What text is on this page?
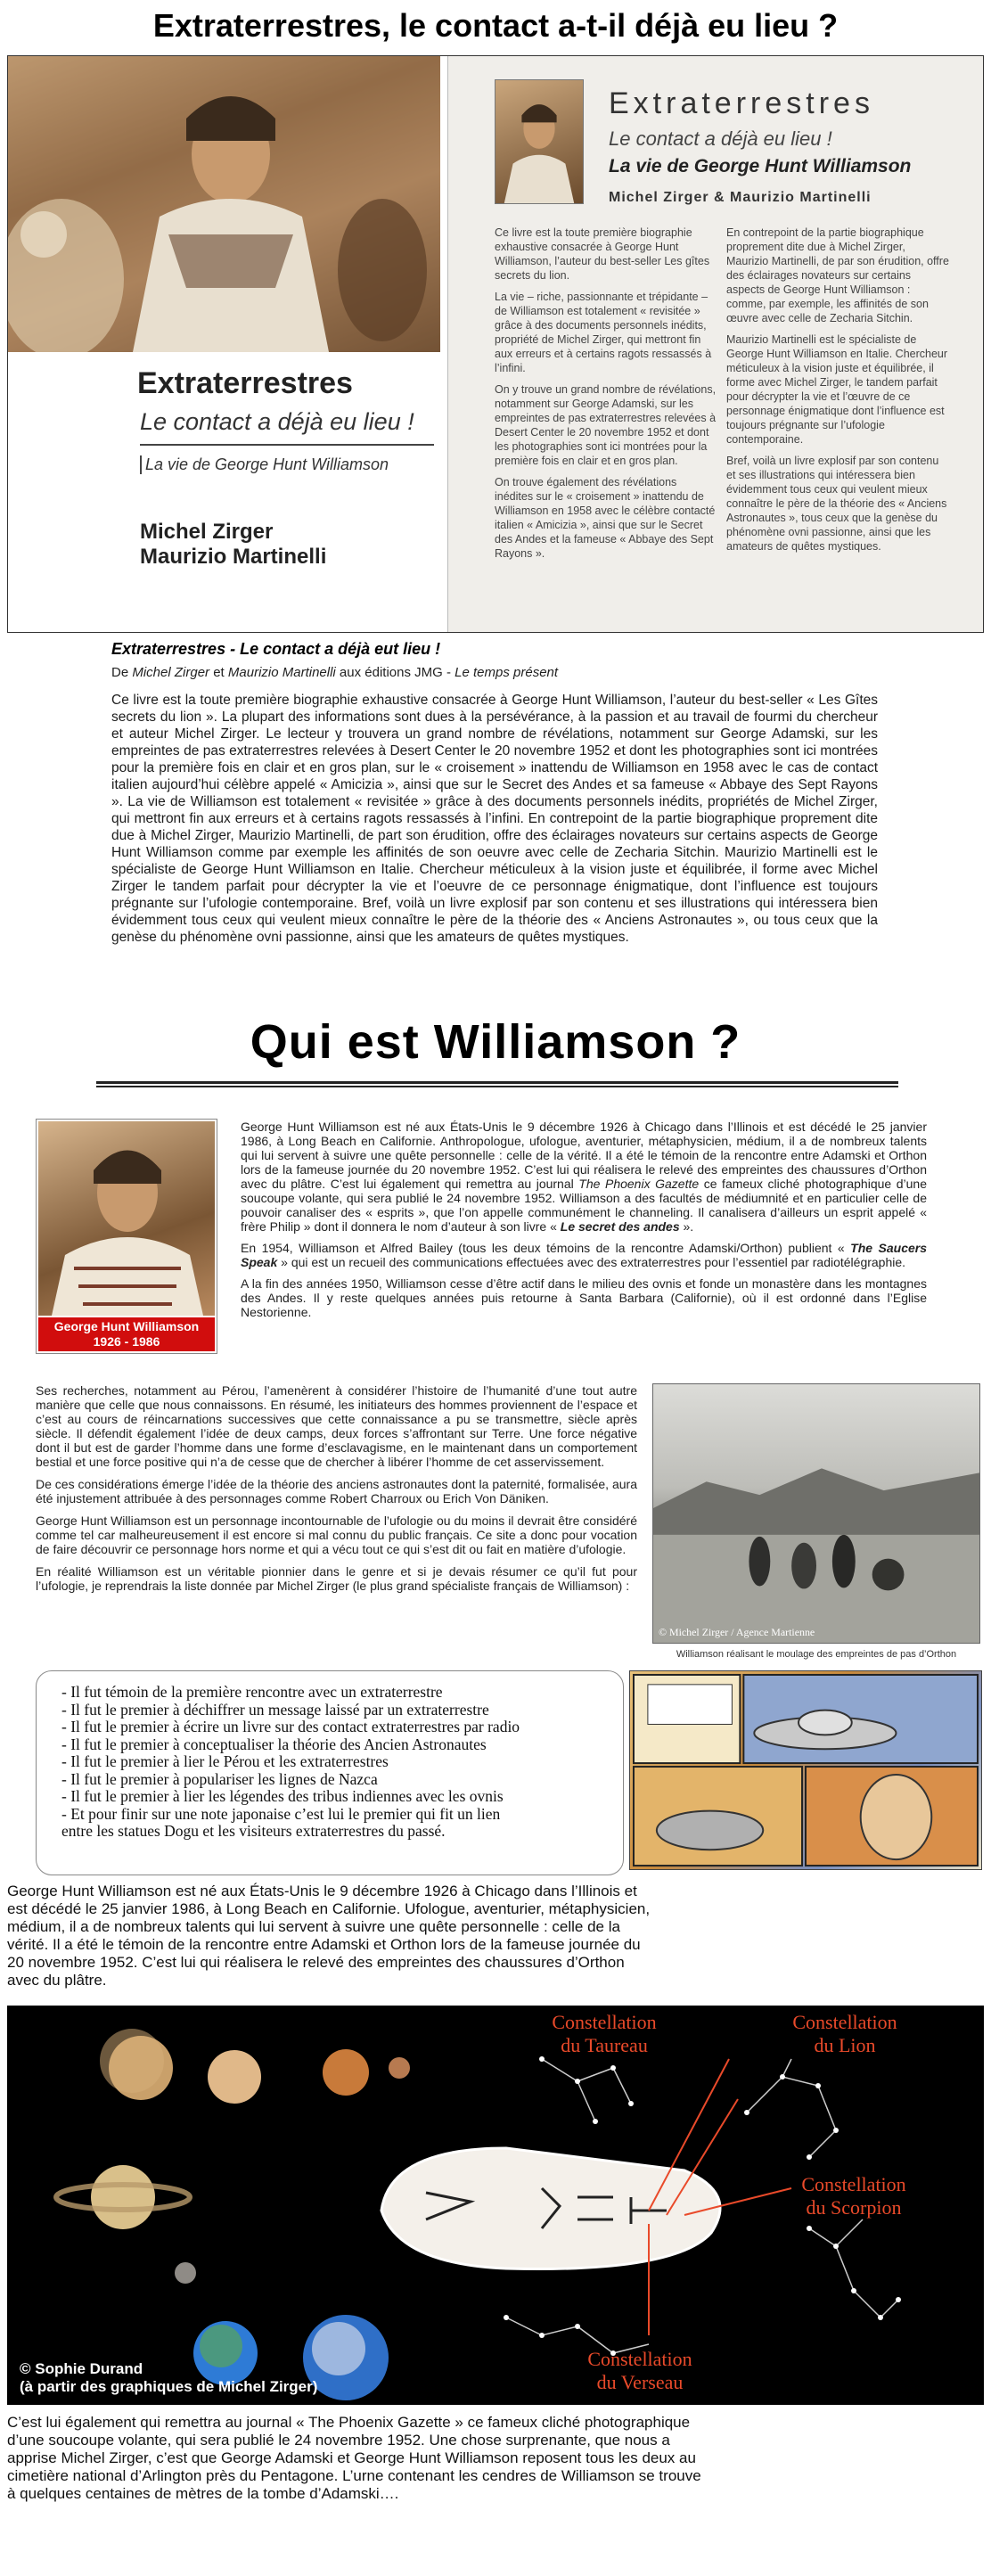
Extraterrestres, le contact a-t-il déjà eu lieu ?
Extraterrestres
Le contact a déjà eu lieu !
La vie de George Hunt Williamson
Michel Zirger
Maurizio Martinelli
Extraterrestres
Le contact a déjà eu lieu !
La vie de George Hunt Williamson
Michel Zirger & Maurizio Martinelli

Ce livre est la toute première biographie exhaustive consacrée à George Hunt Williamson, l’auteur du best-seller Les gîtes secrets du lion.

La vie – riche, passionnante et trépidante – de Williamson est totalement « revisitée » grâce à des documents personnels inédits, propriété de Michel Zirger, qui mettront fin aux erreurs et à certains ragots ressassés à l’infini.

On y trouve un grand nombre de révélations, notamment sur George Adamski, sur les empreintes de pas extraterrestres relevées à Desert Center le 20 novembre 1952 et dont les photographies sont ici montrées pour la première fois en clair et en gros plan.

On trouve également des révélations inédites sur le « croisement » inattendu de Williamson en 1958 avec le célèbre contacté italien « Amicizia », ainsi que sur le Secret des Andes et la fameuse « Abbaye des Sept Rayons ».

En contrepoint de la partie biographique proprement dite due à Michel Zirger, Maurizio Martinelli, de par son érudition, offre des éclairages novateurs sur certains aspects de George Hunt Williamson : comme, par exemple, les affinités de son œuvre avec celle de Zecharia Sitchin.

Maurizio Martinelli est le spécialiste de George Hunt Williamson en Italie. Chercheur méticuleux à la vision juste et équilibrée, il forme avec Michel Zirger, le tandem parfait pour décrypter la vie et l’œuvre de ce personnage énigmatique dont l’influence est toujours prégnante sur l’ufologie contemporaine.

Bref, voilà un livre explosif par son contenu et ses illustrations qui intéressera bien évidemment tous ceux qui veulent mieux connaître le père de la théorie des « Anciens Astronautes », tous ceux que la genèse du phénomène ovni passionne, ainsi que les amateurs de quêtes mystiques.

Extraterrestres - Le contact a déjà eut lieu !
De Michel Zirger et Maurizio Martinelli aux éditions JMG - Le temps présent
Ce livre est la toute première biographie exhaustive consacrée à George Hunt Williamson, l’auteur du best-seller « Les Gîtes secrets du lion ». La plupart des informations sont dues à la persévérance, à la passion et au travail de fourmi du chercheur et auteur Michel Zirger. Le lecteur y trouvera un grand nombre de révélations, notamment sur George Adamski, sur les empreintes de pas extraterrestres relevées à Desert Center le 20 novembre 1952 et dont les photographies sont ici montrées pour la première fois en clair et en gros plan, sur le « croisement » inattendu de Williamson en 1958 avec le cas de contact italien aujourd’hui célèbre appelé « Amicizia », ainsi que sur le Secret des Andes et sa fameuse « Abbaye des Sept Rayons ». La vie de Williamson est totalement « revisitée » grâce à des documents personnels inédits, propriétés de Michel Zirger, qui mettront fin aux erreurs et à certains ragots ressassés à l’infini. En contrepoint de la partie biographique proprement dite due à Michel Zirger, Maurizio Martinelli, de part son érudition, offre des éclairages novateurs sur certains aspects de George Hunt Williamson comme par exemple les affinités de son oeuvre avec celle de Zecharia Sitchin. Maurizio Martinelli est le spécialiste de George Hunt Williamson en Italie. Chercheur méticuleux à la vision juste et équilibrée, il forme avec Michel Zirger le tandem parfait pour décrypter la vie et l’oeuvre de ce personnage énigmatique, dont l’influence est toujours prégnante sur l’ufologie contemporaine. Bref, voilà un livre explosif par son contenu et ses illustrations qui intéressera bien évidemment tous ceux qui veulent mieux connaître le père de la théorie des « Anciens Astronautes », ou tous ceux que la genèse du phénomène ovni passionne, ainsi que les amateurs de quêtes mystiques.
Qui est Williamson ?
George Hunt Williamson
1926 - 1986

George Hunt Williamson est né aux États-Unis le 9 décembre 1926 à Chicago dans l’Illinois et est décédé le 25 janvier 1986, à Long Beach en Californie. Anthropologue, ufologue, aventurier, métaphysicien, médium, il a de nombreux talents qui lui servent à suivre une quête personnelle : celle de la vérité. Il a été le témoin de la rencontre entre Adamski et Orthon lors de la fameuse journée du 20 novembre 1952. C’est lui qui réalisera le relevé des empreintes des chaussures d’Orthon avec du plâtre. C’est lui également qui remettra au journal The Phoenix Gazette ce fameux cliché photographique d’une soucoupe volante, qui sera publié le 24 novembre 1952. Williamson a des facultés de médiumnité et en particulier celle de pouvoir canaliser des « esprits », que l’on appelle communément le channeling. Il canalisera d’ailleurs un esprit appelé « frère Philip » dont il donnera le nom d’auteur à son livre « Le secret des andes ».

En 1954, Williamson et Alfred Bailey (tous les deux témoins de la rencontre Adamski/Orthon) publient « The Saucers Speak » qui est un recueil des communications effectuées avec des extraterrestres pour l’essentiel par radiotélégraphie.

A la fin des années 1950, Williamson cesse d’être actif dans le milieu des ovnis et fonde un monastère dans les montagnes des Andes. Il y reste quelques années puis retourne à Santa Barbara (Californie), où il est ordonné dans l’Eglise Nestorienne.

Ses recherches, notamment au Pérou, l’amenèrent à considérer l’histoire de l’humanité d’une tout autre manière que celle que nous connaissons. En résumé, les initiateurs des hommes proviennent de l’espace et c’est au cours de réincarnations successives que cette connaissance a pu se transmettre, siècle après siècle. Il défendit également l’idée de deux camps, deux forces s’affrontant sur Terre. Une force négative dont il but est de garder l’homme dans une forme d’esclavagisme, en le maintenant dans un comportement bestial et une force positive qui n’a de cesse que de chercher à libérer l’homme de cet asservissement.

De ces considérations émerge l’idée de la théorie des anciens astronautes dont la paternité, formalisée, aura été injustement attribuée à des personnages comme Robert Charroux ou Erich Von Däniken.

George Hunt Williamson est un personnage incontournable de l’ufologie ou du moins il devrait être considéré comme tel car malheureusement il est encore si mal connu du public français. Ce site a donc pour vocation de faire découvrir ce personnage hors norme et qui a vécu tout ce qui s’est dit ou fait en matière d’ufologie.

En réalité Williamson est un véritable pionnier dans le genre et si je devais résumer ce qu’il fut pour l’ufologie, je reprendrais la liste donnée par Michel Zirger (le plus grand spécialiste français de Williamson) :

© Michel Zirger / Agence Martienne
Williamson réalisant le moulage des empreintes de pas d’Orthon
- Il fut témoin de la première rencontre avec un extraterrestre
- Il fut le premier à déchiffrer un message laissé par un extraterrestre
- Il fut le premier à écrire un livre sur des contact extraterrestres par radio
- Il fut le premier à conceptualiser la théorie des Ancien Astronautes
- Il fut le premier à lier le Pérou et les extraterrestres
- Il fut le premier à populariser les lignes de Nazca
- Il fut le premier à lier les légendes des tribus indiennes avec les ovnis
- Et pour finir sur une note japonaise c’est lui le premier qui fit un lien
entre les statues Dogu et les visiteurs extraterrestres du passé.
George Hunt Williamson est né aux États-Unis le 9 décembre 1926 à Chicago dans l’Illinois et est décédé le 25 janvier 1986, à Long Beach en Californie. Ufologue, aventurier, métaphysicien, médium, il a de nombreux talents qui lui servent à suivre une quête personnelle : celle de la vérité. Il a été le témoin de la rencontre entre Adamski et Orthon lors de la fameuse journée du 20 novembre 1952. C’est lui qui réalisera le relevé des empreintes des chaussures d’Orthon avec du plâtre.
Constellation
du Taureau
Constellation
du Lion
Constellation
du Scorpion
Constellation
du Verseau
© Sophie Durand
(à partir des graphiques de Michel Zirger)
C’est lui également qui remettra au journal « The Phoenix Gazette » ce fameux cliché photographique d’une soucoupe volante, qui sera publié le 24 novembre 1952. Une chose surprenante, que nous a apprise Michel Zirger, c’est que George Adamski et George Hunt Williamson reposent tous les deux au cimetière national d’Arlington près du Pentagone. L’urne contenant les cendres de Williamson se trouve à quelques centaines de mètres de la tombe d’Adamski….
